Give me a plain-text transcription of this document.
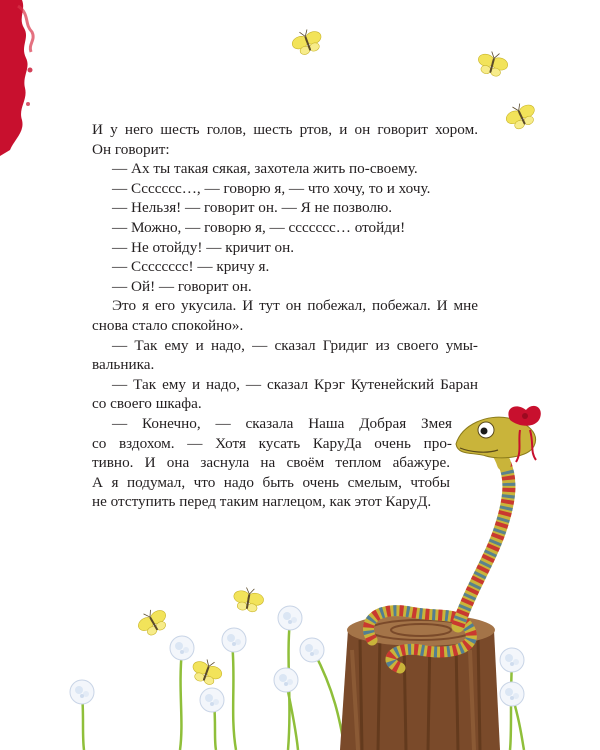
И у него шесть голов, шесть ртов, и он говорит хором.
Он говорит:
— Ах ты такая сякая, захотела жить по-своему.
— Ссссссс…, — говорю я, — что хочу, то и хочу.
— Нельзя! — говорит он. — Я не позволю.
— Можно, — говорю я, — ссссссс… отойди!
— Не отойду! — кричит он.
— Сссссссс! — кричу я.
— Ой! — говорит он.
Это я его укусила. И тут он побежал, побежал. И мне
снова стало спокойно».
— Так ему и надо, — сказал Гридиг из своего умы-
вальника.
— Так ему и надо, — сказал Крэг Кутенейский Баран
со своего шкафа.
— Конечно, — сказала Наша Добрая Змея
со вздохом. — Хотя кусать КаруДа очень про-
тивно. И она заснула на своём теплом абажуре.
А я подумал, что надо быть очень смелым, чтобы
не отступить перед таким наглецом, как этот КаруД.
